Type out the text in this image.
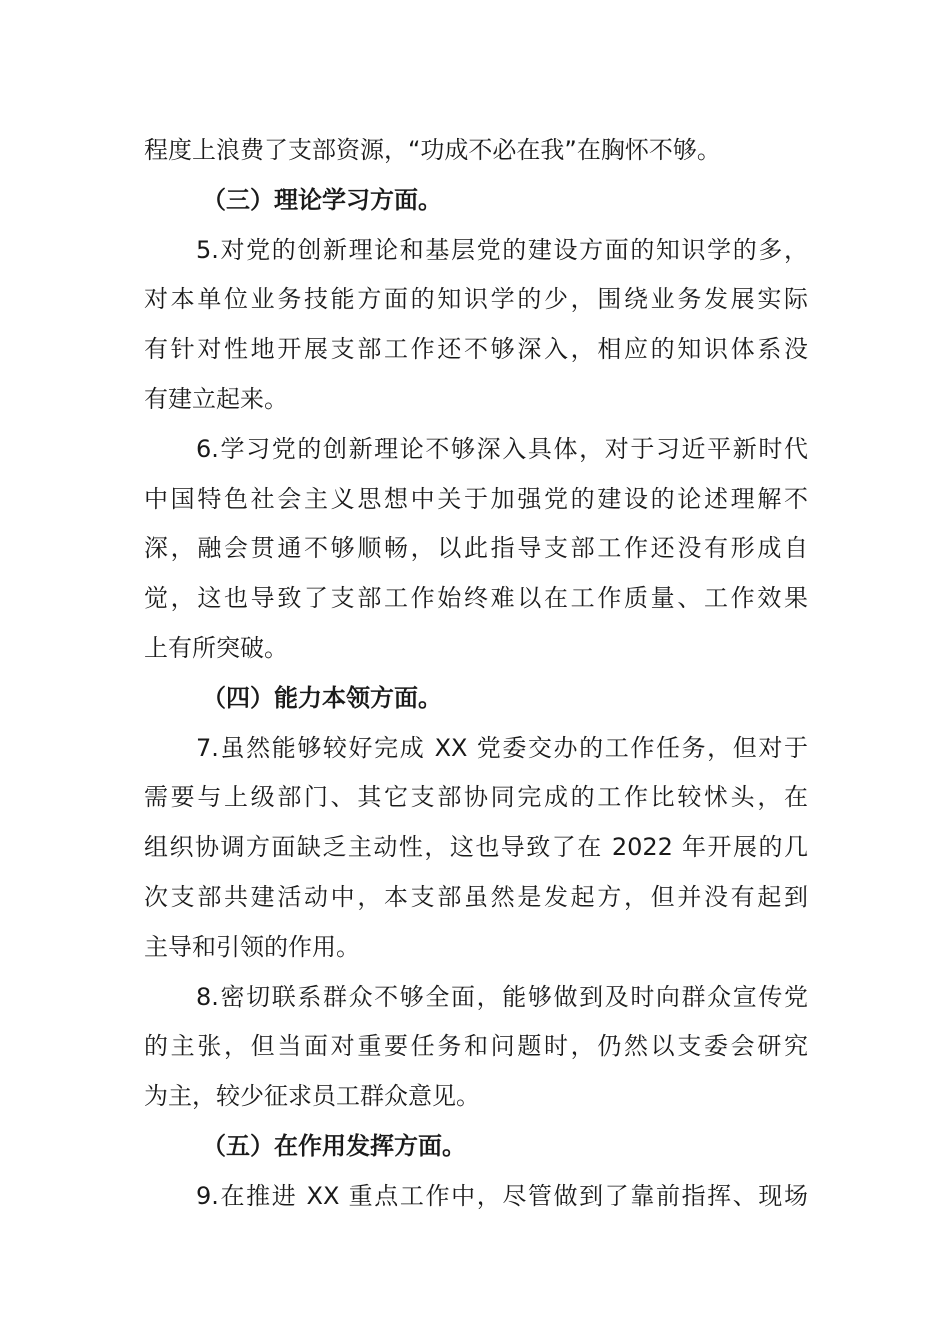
程度上浪费了支部资源，“功成不必在我”在胸怀不够。
（三）理论学习方面。
5.对党的创新理论和基层党的建设方面的知识学的多，
对本单位业务技能方面的知识学的少，围绕业务发展实际
有针对性地开展支部工作还不够深入，相应的知识体系没
有建立起来。
6.学习党的创新理论不够深入具体，对于习近平新时代
中国特色社会主义思想中关于加强党的建设的论述理解不
深，融会贯通不够顺畅，以此指导支部工作还没有形成自
觉，这也导致了支部工作始终难以在工作质量、工作效果
上有所突破。
（四）能力本领方面。
7.虽然能够较好完成 XX 党委交办的工作任务，但对于
需要与上级部门、其它支部协同完成的工作比较怵头，在
组织协调方面缺乏主动性，这也导致了在 2022 年开展的几
次支部共建活动中，本支部虽然是发起方，但并没有起到
主导和引领的作用。
8.密切联系群众不够全面，能够做到及时向群众宣传党
的主张，但当面对重要任务和问题时，仍然以支委会研究
为主，较少征求员工群众意见。
（五）在作用发挥方面。
9.在推进 XX 重点工作中，尽管做到了靠前指挥、现场
